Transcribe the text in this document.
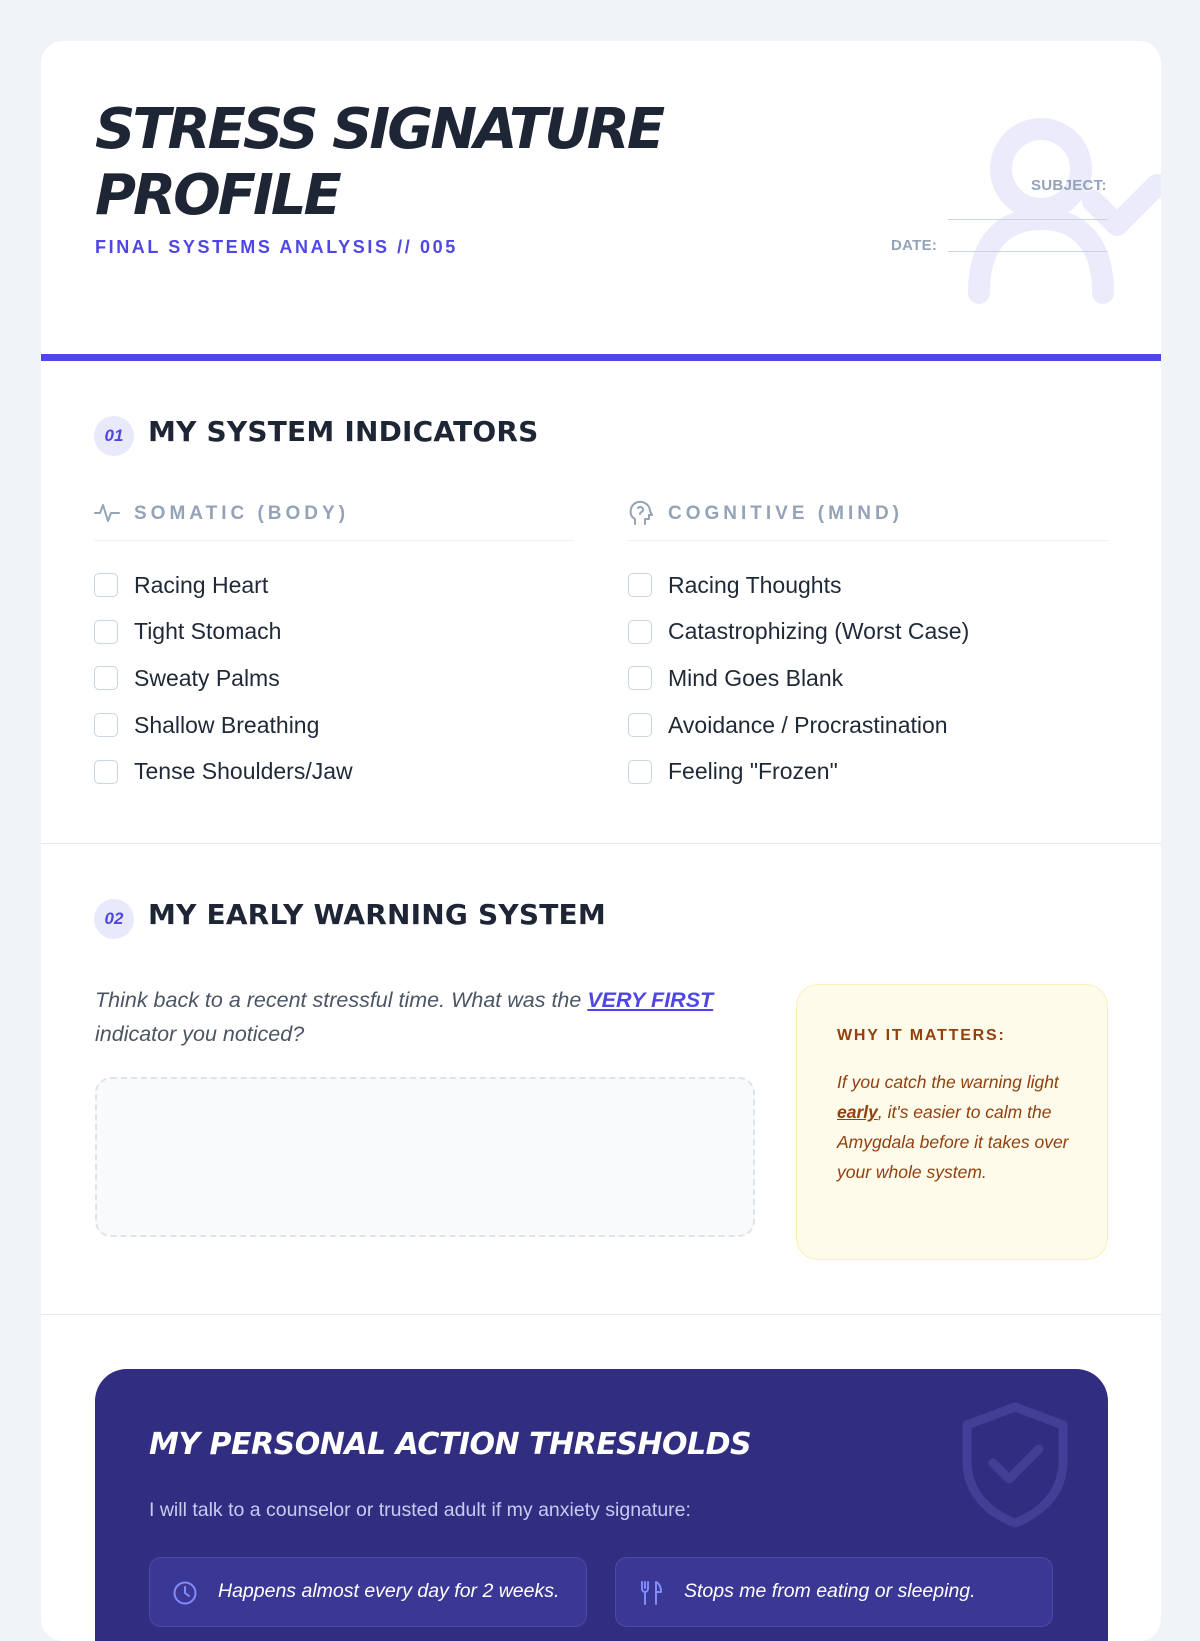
STRESS SIGNATURE
PROFILE
FINAL SYSTEMS ANALYSIS // 005
SUBJECT:
DATE:
01 MY SYSTEM INDICATORS
SOMATIC (BODY)
Racing Heart
Tight Stomach
Sweaty Palms
Shallow Breathing
Tense Shoulders/Jaw
COGNITIVE (MIND)
Racing Thoughts
Catastrophizing (Worst Case)
Mind Goes Blank
Avoidance / Procrastination
Feeling "Frozen"
02 MY EARLY WARNING SYSTEM

Think back to a recent stressful time. What was the VERY FIRST indicator you noticed?	WHY IT MATTERS:

If you catch the warning light early, it's easier to calm the Amygdala before it takes over your whole system.

MY PERSONAL ACTION THRESHOLDS
I will talk to a counselor or trusted adult if my anxiety signature:
Happens almost every day for 2 weeks.	Stops me from eating or sleeping.
